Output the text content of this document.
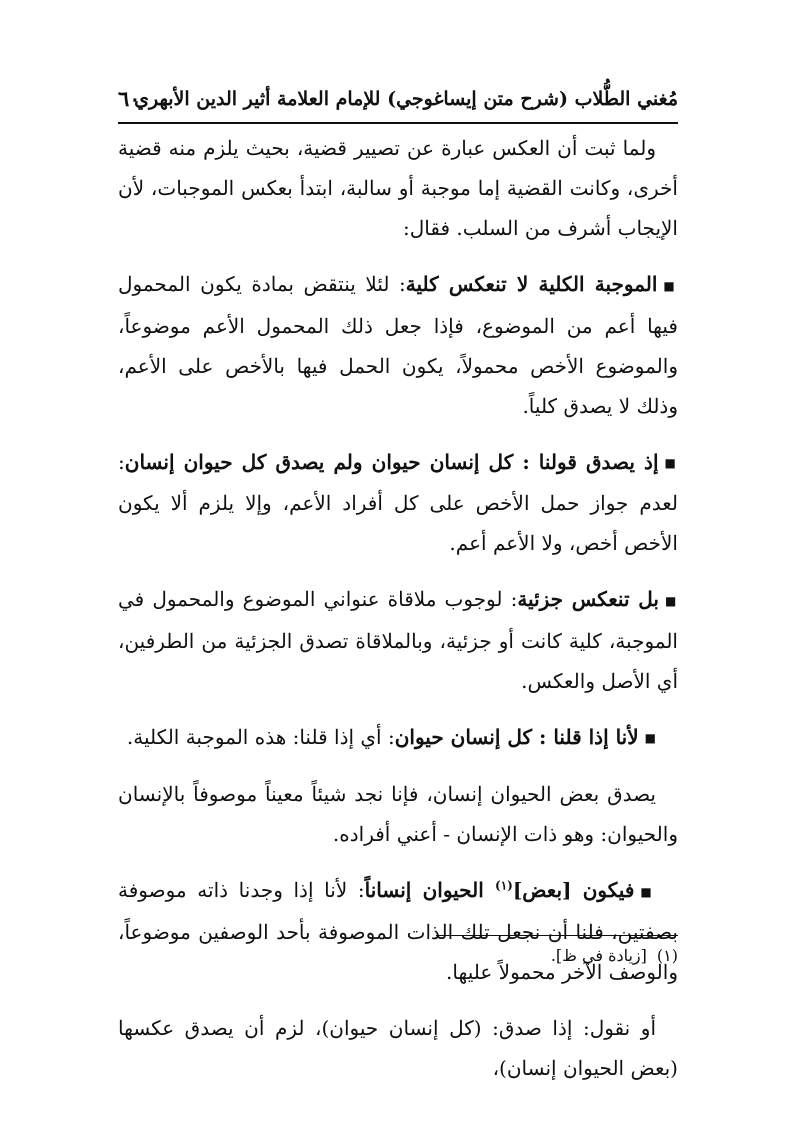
مُغني الطُّلاب (شرح متن إيساغوجي) للإمام العلامة أثير الدين الأبهري
٦٠

ولما ثبت أن العكس عبارة عن تصيير قضية، بحيث يلزم منه قضية أخرى، وكانت القضية إما موجبة أو سالبة، ابتدأ بعكس الموجبات، لأن الإيجاب أشرف من السلب. فقال:

■الموجبة الكلية لا تنعكس كلية: لئلا ينتقض بمادة يكون المحمول فيها أعم من الموضوع، فإذا جعل ذلك المحمول الأعم موضوعاً، والموضوع الأخص محمولاً، يكون الحمل فيها بالأخص على الأعم، وذلك لا يصدق كلياً.

■إذ يصدق قولنا : كل إنسان حيوان ولم يصدق كل حيوان إنسان: لعدم جواز حمل الأخص على كل أفراد الأعم، وإلا يلزم ألا يكون الأخص أخص، ولا الأعم أعم.

■بل تنعكس جزئية: لوجوب ملاقاة عنواني الموضوع والمحمول في الموجبة، كلية كانت أو جزئية، وبالملاقاة تصدق الجزئية من الطرفين، أي الأصل والعكس.

■لأنا إذا قلنا : كل إنسان حيوان: أي إذا قلنا: هذه الموجبة الكلية.

يصدق بعض الحيوان إنسان، فإنا نجد شيئاً معيناً موصوفاً بالإنسان والحيوان: وهو ذات الإنسان - أعني أفراده.

■فيكون [بعض]$^{(١)}$ الحيوان إنساناً: لأنا إذا وجدنا ذاته موصوفة بصفتين، فلنا أن نجعل تلك الذات الموصوفة بأحد الوصفين موضوعاً، والوصف الآخر محمولاً عليها.

أو نقول: إذا صدق: (كل إنسان حيوان)، لزم أن يصدق عكسها (بعض الحيوان إنسان)،

(١)[زيادة في ظ].
